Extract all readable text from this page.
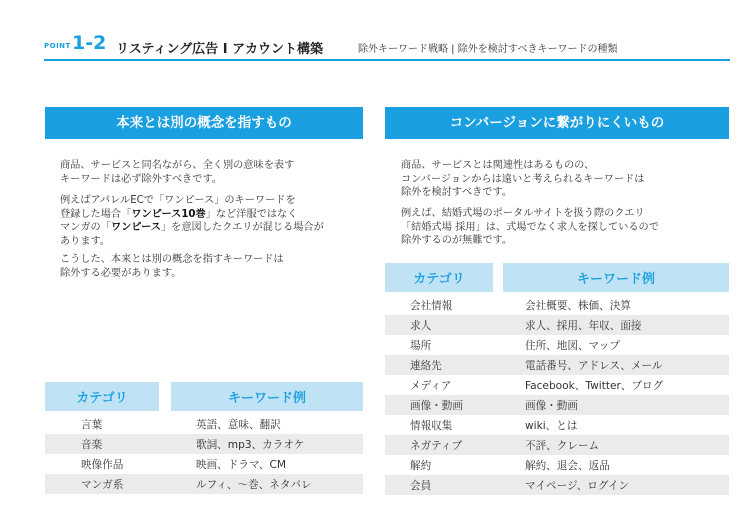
POINT 1-2 リスティング広告 I アカウント構築	除外キーワード戦略 | 除外を検討すべきキーワードの種類
本来とは別の概念を指すもの
商品、サービスと同名ながら、全く別の意味を表す
キーワードは必ず除外すべきです。
例えばアパレルECで「ワンピース」のキーワードを
登録した場合「ワンピース10巻」など洋服ではなく
マンガの「ワンピース」を意図したクエリが混じる場合が
あります。
こうした、本来とは別の概念を指すキーワードは
除外する必要があります。
カテゴリ		キーワード例
言葉		英語、意味、翻訳
音楽		歌詞、mp3、カラオケ
映像作品		映画、ドラマ、CM
マンガ系		ルフィ、～巻、ネタバレ
コンバージョンに繋がりにくいもの
商品、サービスとは関連性はあるものの、
コンバージョンからは遠いと考えられるキーワードは
除外を検討すべきです。
例えば、結婚式場のポータルサイトを扱う際のクエリ
「結婚式場 採用」は、式場でなく求人を探しているので
除外するのが無難です。
カテゴリ		キーワード例
会社情報		会社概要、株価、決算
求人		求人、採用、年収、面接
場所		住所、地図、マップ
連絡先		電話番号、アドレス、メール
メディア		Facebook、Twitter、ブログ
画像・動画		画像・動画
情報収集		wiki、とは
ネガティブ		不評、クレーム
解約		解約、退会、返品
会員		マイページ、ログイン
